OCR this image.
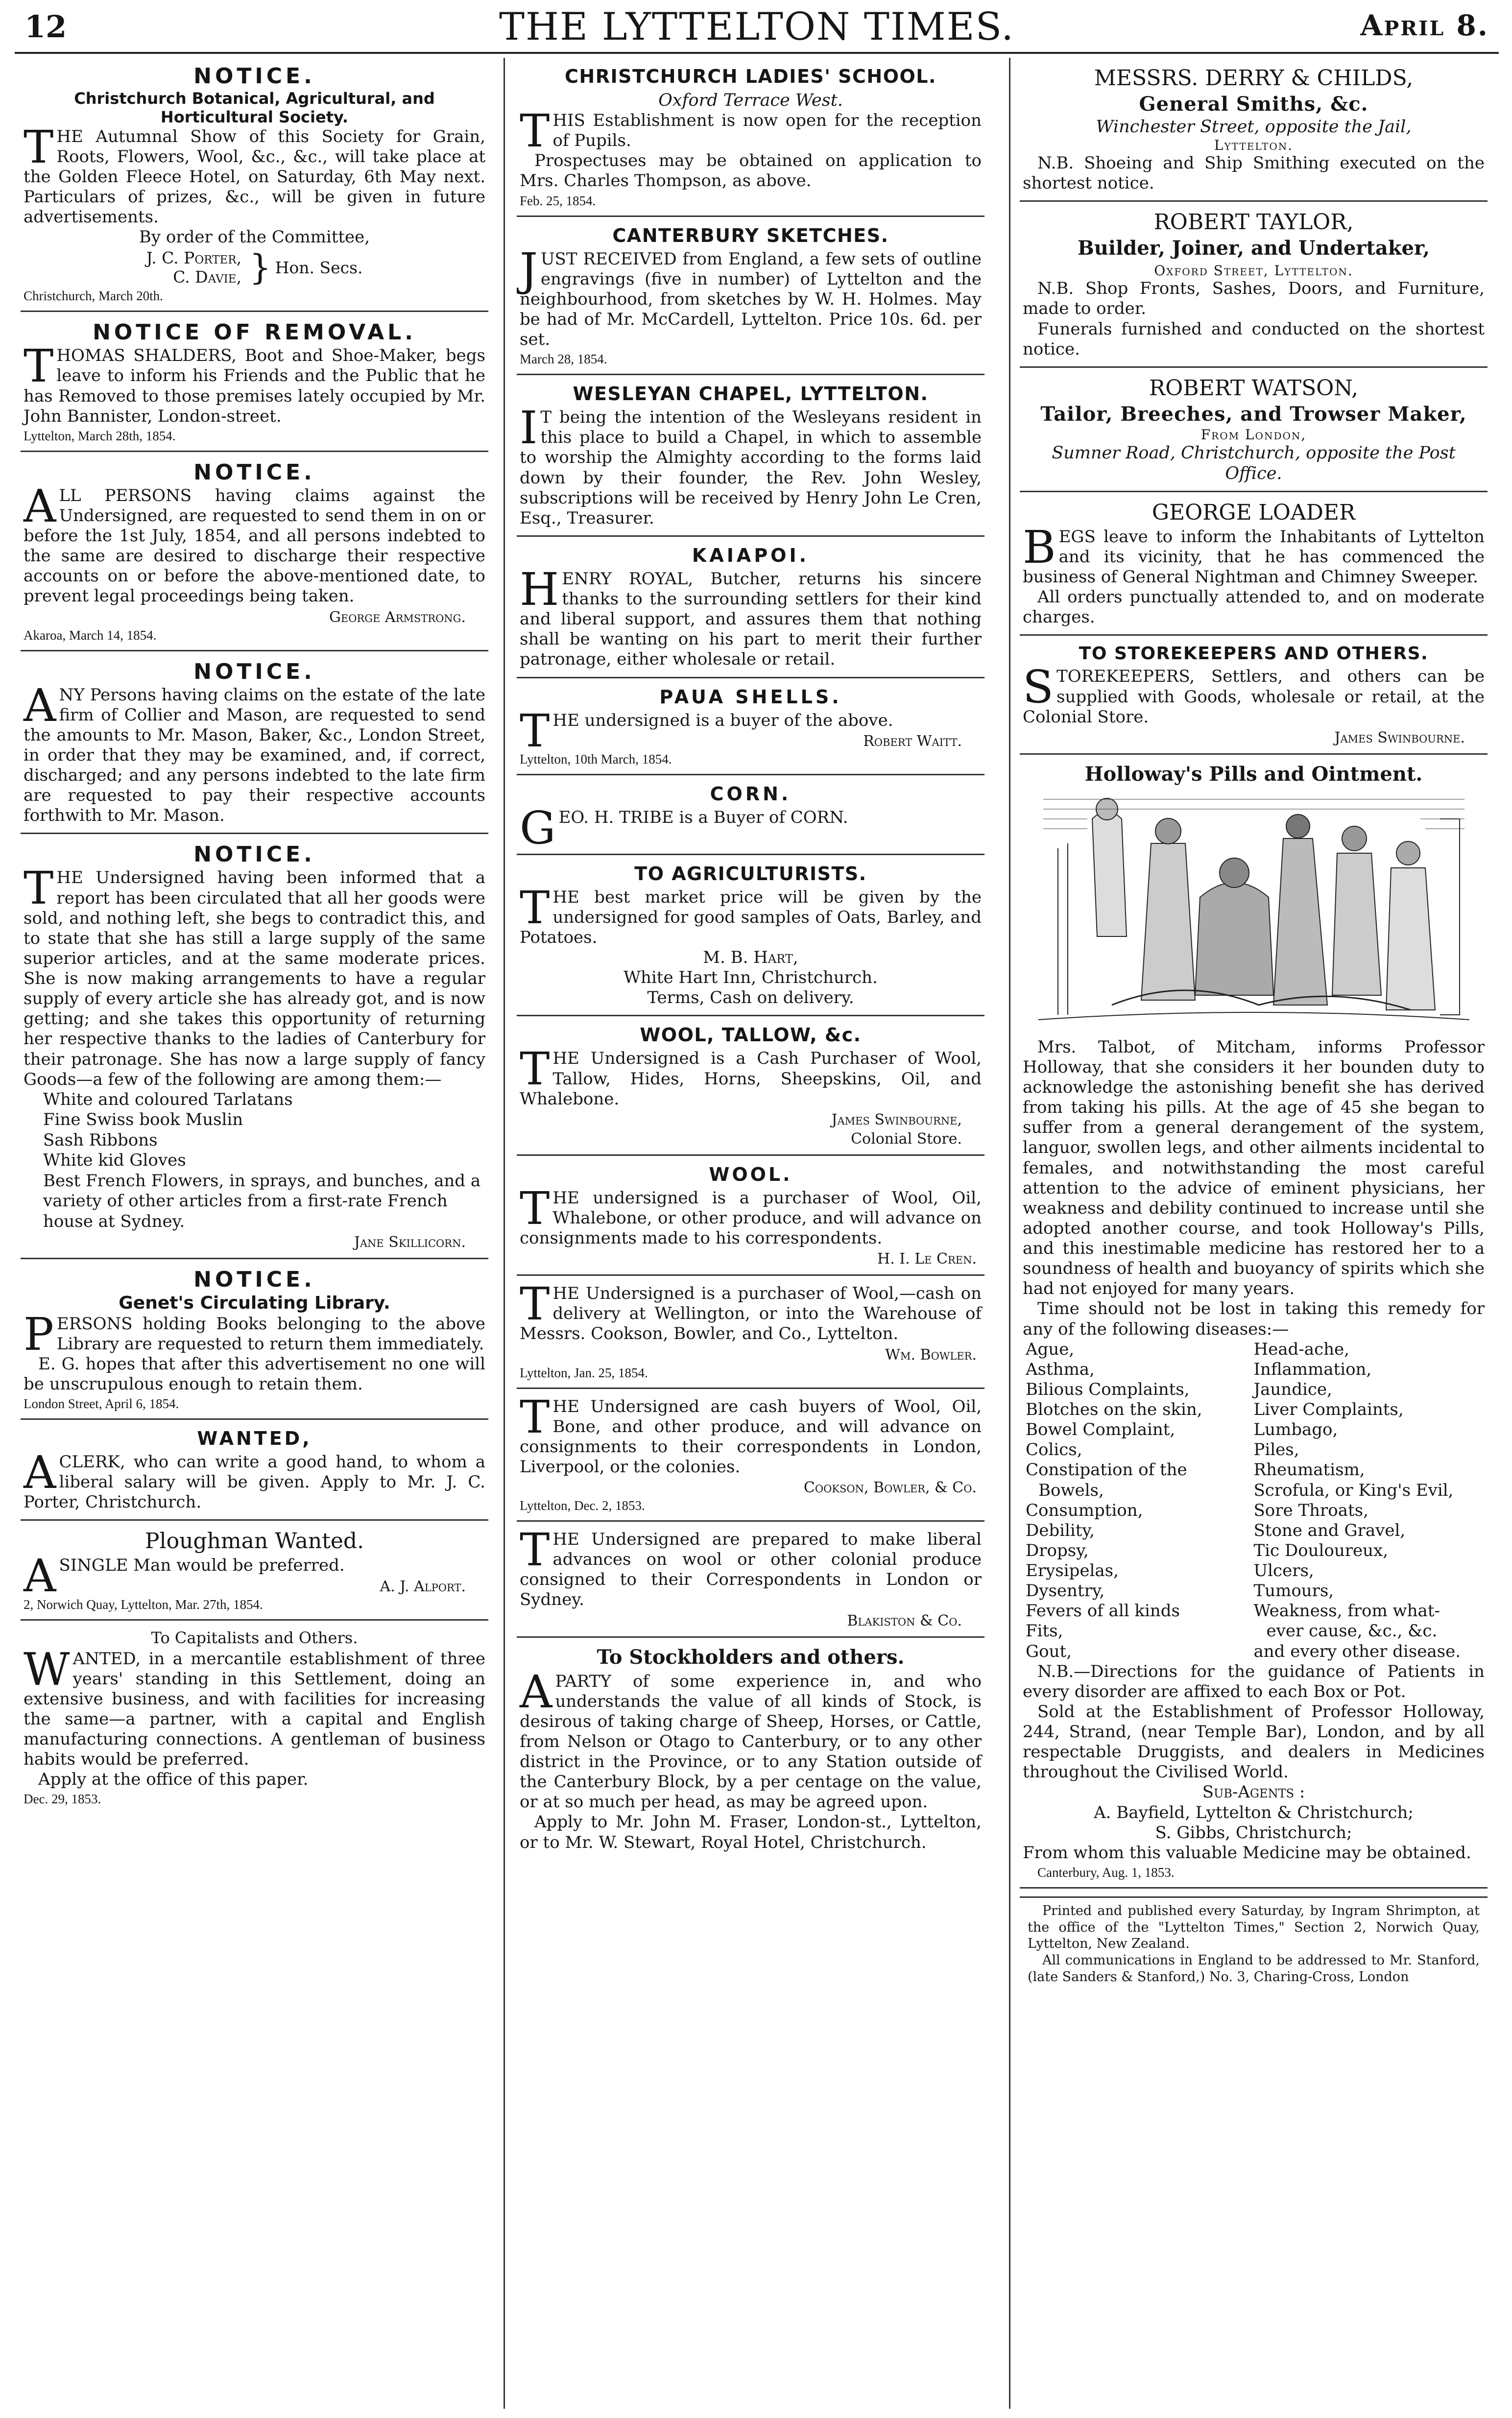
12	THE LYTTELTON TIMES.	April 8.
NOTICE.
Christchurch Botanical, Agricultural, and Horticultural Society.
THE Autumnal Show of this Society for Grain, Roots, Flowers, Wool, &c., &c., will take place at the Golden Fleece Hotel, on Saturday, 6th May next. Particulars of prizes, &c., will be given in future advertisements.
By order of the Committee,
J. C. Porter,
C. Davie, } Hon. Secs.
Christchurch, March 20th.
NOTICE OF REMOVAL.
THOMAS SHALDERS, Boot and Shoe-Maker, begs leave to inform his Friends and the Public that he has Removed to those premises lately occupied by Mr. John Bannister, London-street.
Lyttelton, March 28th, 1854.
NOTICE.
ALL PERSONS having claims against the Undersigned, are requested to send them in on or before the 1st July, 1854, and all persons indebted to the same are desired to discharge their respective accounts on or before the above-mentioned date, to prevent legal proceedings being taken.
George Armstrong.
Akaroa, March 14, 1854.
NOTICE.
ANY Persons having claims on the estate of the late firm of Collier and Mason, are requested to send the amounts to Mr. Mason, Baker, &c., London Street, in order that they may be examined, and, if correct, discharged; and any persons indebted to the late firm are requested to pay their respective accounts forthwith to Mr. Mason.
NOTICE.
THE Undersigned having been informed that a report has been circulated that all her goods were sold, and nothing left, she begs to contradict this, and to state that she has still a large supply of the same superior articles, and at the same moderate prices. She is now making arrangements to have a regular supply of every article she has already got, and is now getting; and she takes this opportunity of returning her respective thanks to the ladies of Canterbury for their patronage. She has now a large supply of fancy Goods—a few of the following are among them:—
White and coloured Tarlatans
Fine Swiss book Muslin
Sash Ribbons
White kid Gloves
Best French Flowers, in sprays, and bunches, and a variety of other articles from a first-rate French house at Sydney.
Jane Skillicorn.
NOTICE.
Genet's Circulating Library.
PERSONS holding Books belonging to the above Library are requested to return them immediately.
E. G. hopes that after this advertisement no one will be unscrupulous enough to retain them.
London Street, April 6, 1854.
WANTED,
ACLERK, who can write a good hand, to whom a liberal salary will be given. Apply to Mr. J. C. Porter, Christchurch.
Ploughman Wanted.
ASINGLE Man would be preferred.
A. J. Alport.
2, Norwich Quay, Lyttelton, Mar. 27th, 1854.
To Capitalists and Others.
WANTED, in a mercantile establishment of three years' standing in this Settlement, doing an extensive business, and with facilities for increasing the same—a partner, with a capital and English manufacturing connections. A gentleman of business habits would be preferred.
Apply at the office of this paper.
Dec. 29, 1853.
CHRISTCHURCH LADIES' SCHOOL.
Oxford Terrace West.
THIS Establishment is now open for the reception of Pupils.
Prospectuses may be obtained on application to Mrs. Charles Thompson, as above.
Feb. 25, 1854.
CANTERBURY SKETCHES.
JUST RECEIVED from England, a few sets of outline engravings (five in number) of Lyttelton and the neighbourhood, from sketches by W. H. Holmes. May be had of Mr. McCardell, Lyttelton. Price 10s. 6d. per set.
March 28, 1854.
WESLEYAN CHAPEL, LYTTELTON.
I T being the intention of the Wesleyans resident in this place to build a Chapel, in which to assemble to worship the Almighty according to the forms laid down by their founder, the Rev. John Wesley, subscriptions will be received by Henry John Le Cren, Esq., Treasurer.
KAIAPOI.
HENRY ROYAL, Butcher, returns his sincere thanks to the surrounding settlers for their kind and liberal support, and assures them that nothing shall be wanting on his part to merit their further patronage, either wholesale or retail.
PAUA SHELLS.
THE undersigned is a buyer of the above.
Robert Waitt.
Lyttelton, 10th March, 1854.
CORN.
GEO. H. TRIBE is a Buyer of CORN.
TO AGRICULTURISTS.
THE best market price will be given by the undersigned for good samples of Oats, Barley, and Potatoes.
M. B. Hart,
White Hart Inn, Christchurch.
Terms, Cash on delivery.
WOOL, TALLOW, &c.
THE Undersigned is a Cash Purchaser of Wool, Tallow, Hides, Horns, Sheepskins, Oil, and Whalebone.
James Swinbourne,
Colonial Store.
WOOL.
THE undersigned is a purchaser of Wool, Oil, Whalebone, or other produce, and will advance on consignments made to his correspondents.
H. I. Le Cren.
THE Undersigned is a purchaser of Wool,—cash on delivery at Wellington, or into the Warehouse of Messrs. Cookson, Bowler, and Co., Lyttelton.
Wm. Bowler.
Lyttelton, Jan. 25, 1854.
THE Undersigned are cash buyers of Wool, Oil, Bone, and other produce, and will advance on consignments to their correspondents in London, Liverpool, or the colonies.
Cookson, Bowler, & Co.
Lyttelton, Dec. 2, 1853.
THE Undersigned are prepared to make liberal advances on wool or other colonial produce consigned to their Correspondents in London or Sydney.
Blakiston & Co.
To Stockholders and others.
APARTY of some experience in, and who understands the value of all kinds of Stock, is desirous of taking charge of Sheep, Horses, or Cattle, from Nelson or Otago to Canterbury, or to any other district in the Province, or to any Station outside of the Canterbury Block, by a per centage on the value, or at so much per head, as may be agreed upon.
Apply to Mr. John M. Fraser, London-st., Lyttelton, or to Mr. W. Stewart, Royal Hotel, Christchurch.
MESSRS. DERRY & CHILDS,
General Smiths, &c.
Winchester Street, opposite the Jail,
Lyttelton.
N.B. Shoeing and Ship Smithing executed on the shortest notice.
ROBERT TAYLOR,
Builder, Joiner, and Undertaker,
Oxford Street, Lyttelton.
N.B. Shop Fronts, Sashes, Doors, and Furniture, made to order.
Funerals furnished and conducted on the shortest notice.
ROBERT WATSON,
Tailor, Breeches, and Trowser Maker,
From London,
Sumner Road, Christchurch, opposite the Post Office.
GEORGE LOADER
BEGS leave to inform the Inhabitants of Lyttelton and its vicinity, that he has commenced the business of General Nightman and Chimney Sweeper.
All orders punctually attended to, and on moderate charges.
TO STOREKEEPERS AND OTHERS.
STOREKEEPERS, Settlers, and others can be supplied with Goods, wholesale or retail, at the Colonial Store.
James Swinbourne.
Holloway's Pills and Ointment.
Mrs. Talbot, of Mitcham, informs Professor Holloway, that she considers it her bounden duty to acknowledge the astonishing benefit she has derived from taking his pills. At the age of 45 she began to suffer from a general derangement of the system, languor, swollen legs, and other ailments incidental to females, and notwithstanding the most careful attention to the advice of eminent physicians, her weakness and debility continued to increase until she adopted another course, and took Holloway's Pills, and this inestimable medicine has restored her to a soundness of health and buoyancy of spirits which she had not enjoyed for many years.
Time should not be lost in taking this remedy for any of the following diseases:—
Ague,
Asthma,
Bilious Complaints,
Blotches on the skin,
Bowel Complaint,
Colics,
Constipation of the
Bowels,
Consumption,
Debility,
Dropsy,
Erysipelas,
Dysentry,
Fevers of all kinds
Fits,
Gout,
Head-ache,
Inflammation,
Jaundice,
Liver Complaints,
Lumbago,
Piles,
Rheumatism,
Scrofula, or King's Evil,
Sore Throats,
Stone and Gravel,
Tic Douloureux,
Ulcers,
Tumours,
Weakness, from what-
ever cause, &c., &c.
and every other disease.
N.B.—Directions for the guidance of Patients in every disorder are affixed to each Box or Pot.
Sold at the Establishment of Professor Holloway, 244, Strand, (near Temple Bar), London, and by all respectable Druggists, and dealers in Medicines throughout the Civilised World.
Sub-Agents :
A. Bayfield, Lyttelton & Christchurch;
S. Gibbs, Christchurch;
From whom this valuable Medicine may be obtained.
Canterbury, Aug. 1, 1853.
Printed and published every Saturday, by Ingram Shrimpton, at the office of the "Lyttelton Times," Section 2, Norwich Quay, Lyttelton, New Zealand.
All communications in England to be addressed to Mr. Stanford, (late Sanders & Stanford,) No. 3, Charing-Cross, London
